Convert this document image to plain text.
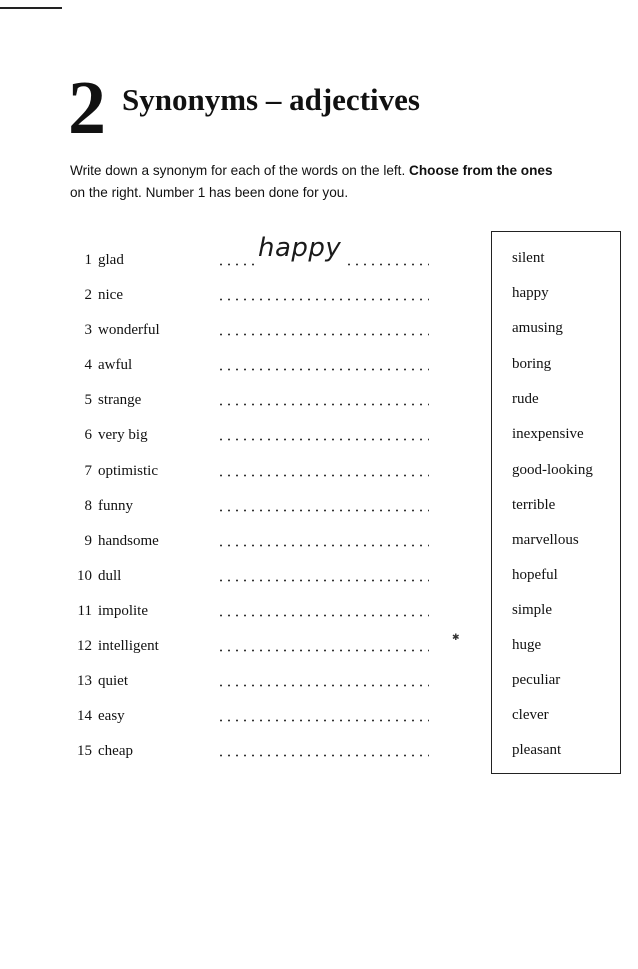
2 Synonyms – adjectives
Write down a synonym for each of the words on the left. Choose from the ones
on the right. Number 1 has been done for you.
1 glad	happy
2 nice
3 wonderful
4 awful
5 strange
6 very big
7 optimistic
8 funny
9 handsome
10 dull
11 impolite
12 intelligent
13 quiet
14 easy
15 cheap
silent
happy
amusing
boring
rude
inexpensive
good-looking
terrible
marvellous
hopeful
simple
huge
peculiar
clever
pleasant
✱
